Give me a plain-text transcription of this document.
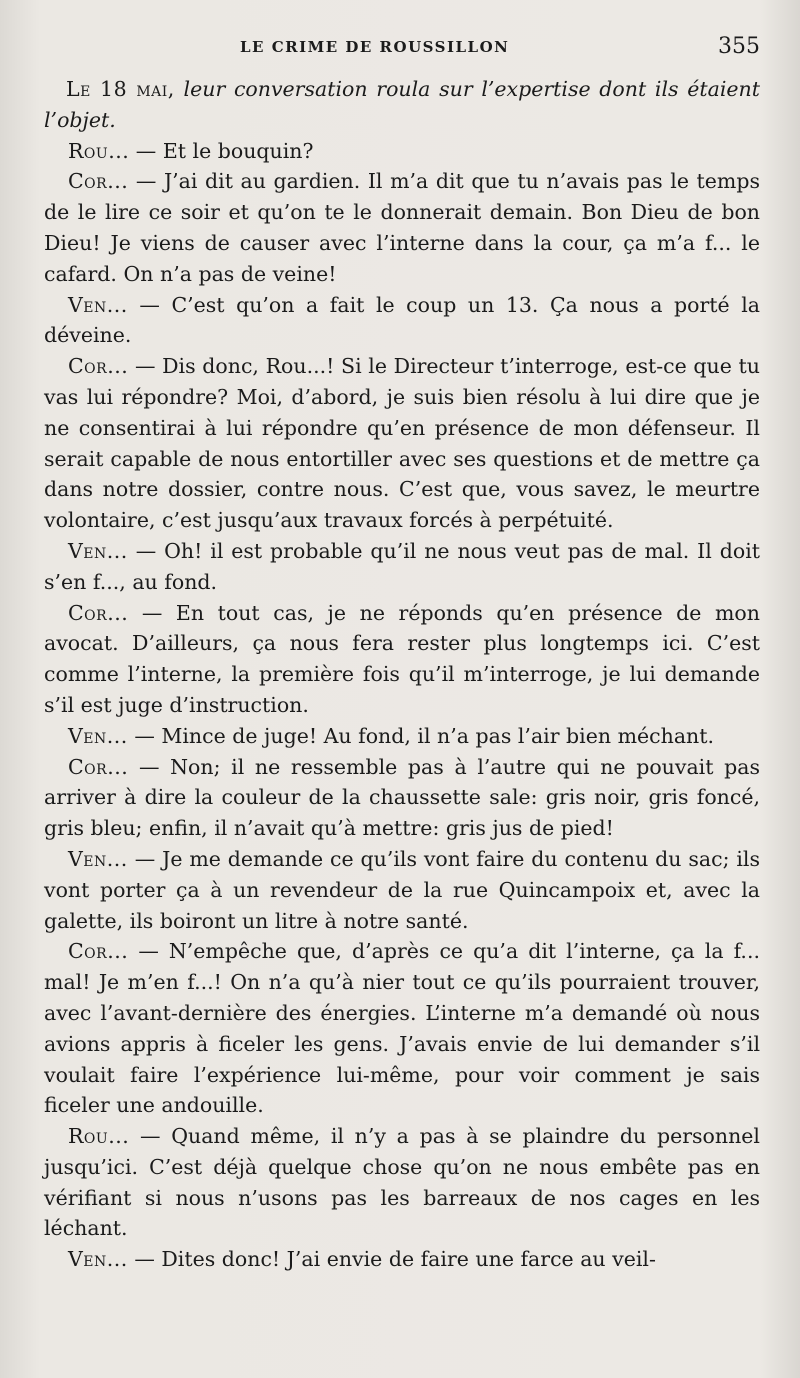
LE CRIME DE ROUSSILLON	355

Le 18 mai, leur conversation roula sur l’expertise dont ils étaient l’objet.

Rou... — Et le bouquin?

Cor... — J’ai dit au gardien. Il m’a dit que tu n’avais pas le temps de le lire ce soir et qu’on te le donnerait demain. Bon Dieu de bon Dieu! Je viens de causer avec l’interne dans la cour, ça m’a f... le cafard. On n’a pas de veine!

Ven... — C’est qu’on a fait le coup un 13. Ça nous a porté la déveine.

Cor... — Dis donc, Rou...! Si le Directeur t’interroge, est-ce que tu vas lui répondre? Moi, d’abord, je suis bien résolu à lui dire que je ne consentirai à lui répondre qu’en présence de mon défenseur. Il serait capable de nous entortiller avec ses questions et de mettre ça dans notre dossier, contre nous. C’est que, vous savez, le meurtre volontaire, c’est jusqu’aux travaux forcés à perpétuité.

Ven... — Oh! il est probable qu’il ne nous veut pas de mal. Il doit s’en f..., au fond.

Cor... — En tout cas, je ne réponds qu’en présence de mon avocat. D’ailleurs, ça nous fera rester plus longtemps ici. C’est comme l’interne, la première fois qu’il m’interroge, je lui demande s’il est juge d’instruction.

Ven... — Mince de juge! Au fond, il n’a pas l’air bien méchant.

Cor... — Non; il ne ressemble pas à l’autre qui ne pouvait pas arriver à dire la couleur de la chaussette sale: gris noir, gris foncé, gris bleu; enfin, il n’avait qu’à mettre: gris jus de pied!

Ven... — Je me demande ce qu’ils vont faire du contenu du sac; ils vont porter ça à un revendeur de la rue Quincampoix et, avec la galette, ils boiront un litre à notre santé.

Cor... — N’empêche que, d’après ce qu’a dit l’interne, ça la f... mal! Je m’en f...! On n’a qu’à nier tout ce qu’ils pourraient trouver, avec l’avant-dernière des énergies. L’interne m’a demandé où nous avions appris à ficeler les gens. J’avais envie de lui demander s’il voulait faire l’expérience lui-même, pour voir comment je sais ficeler une andouille.

Rou... — Quand même, il n’y a pas à se plaindre du personnel jusqu’ici. C’est déjà quelque chose qu’on ne nous embête pas en vérifiant si nous n’usons pas les barreaux de nos cages en les léchant.

Ven... — Dites donc! J’ai envie de faire une farce au veil-
